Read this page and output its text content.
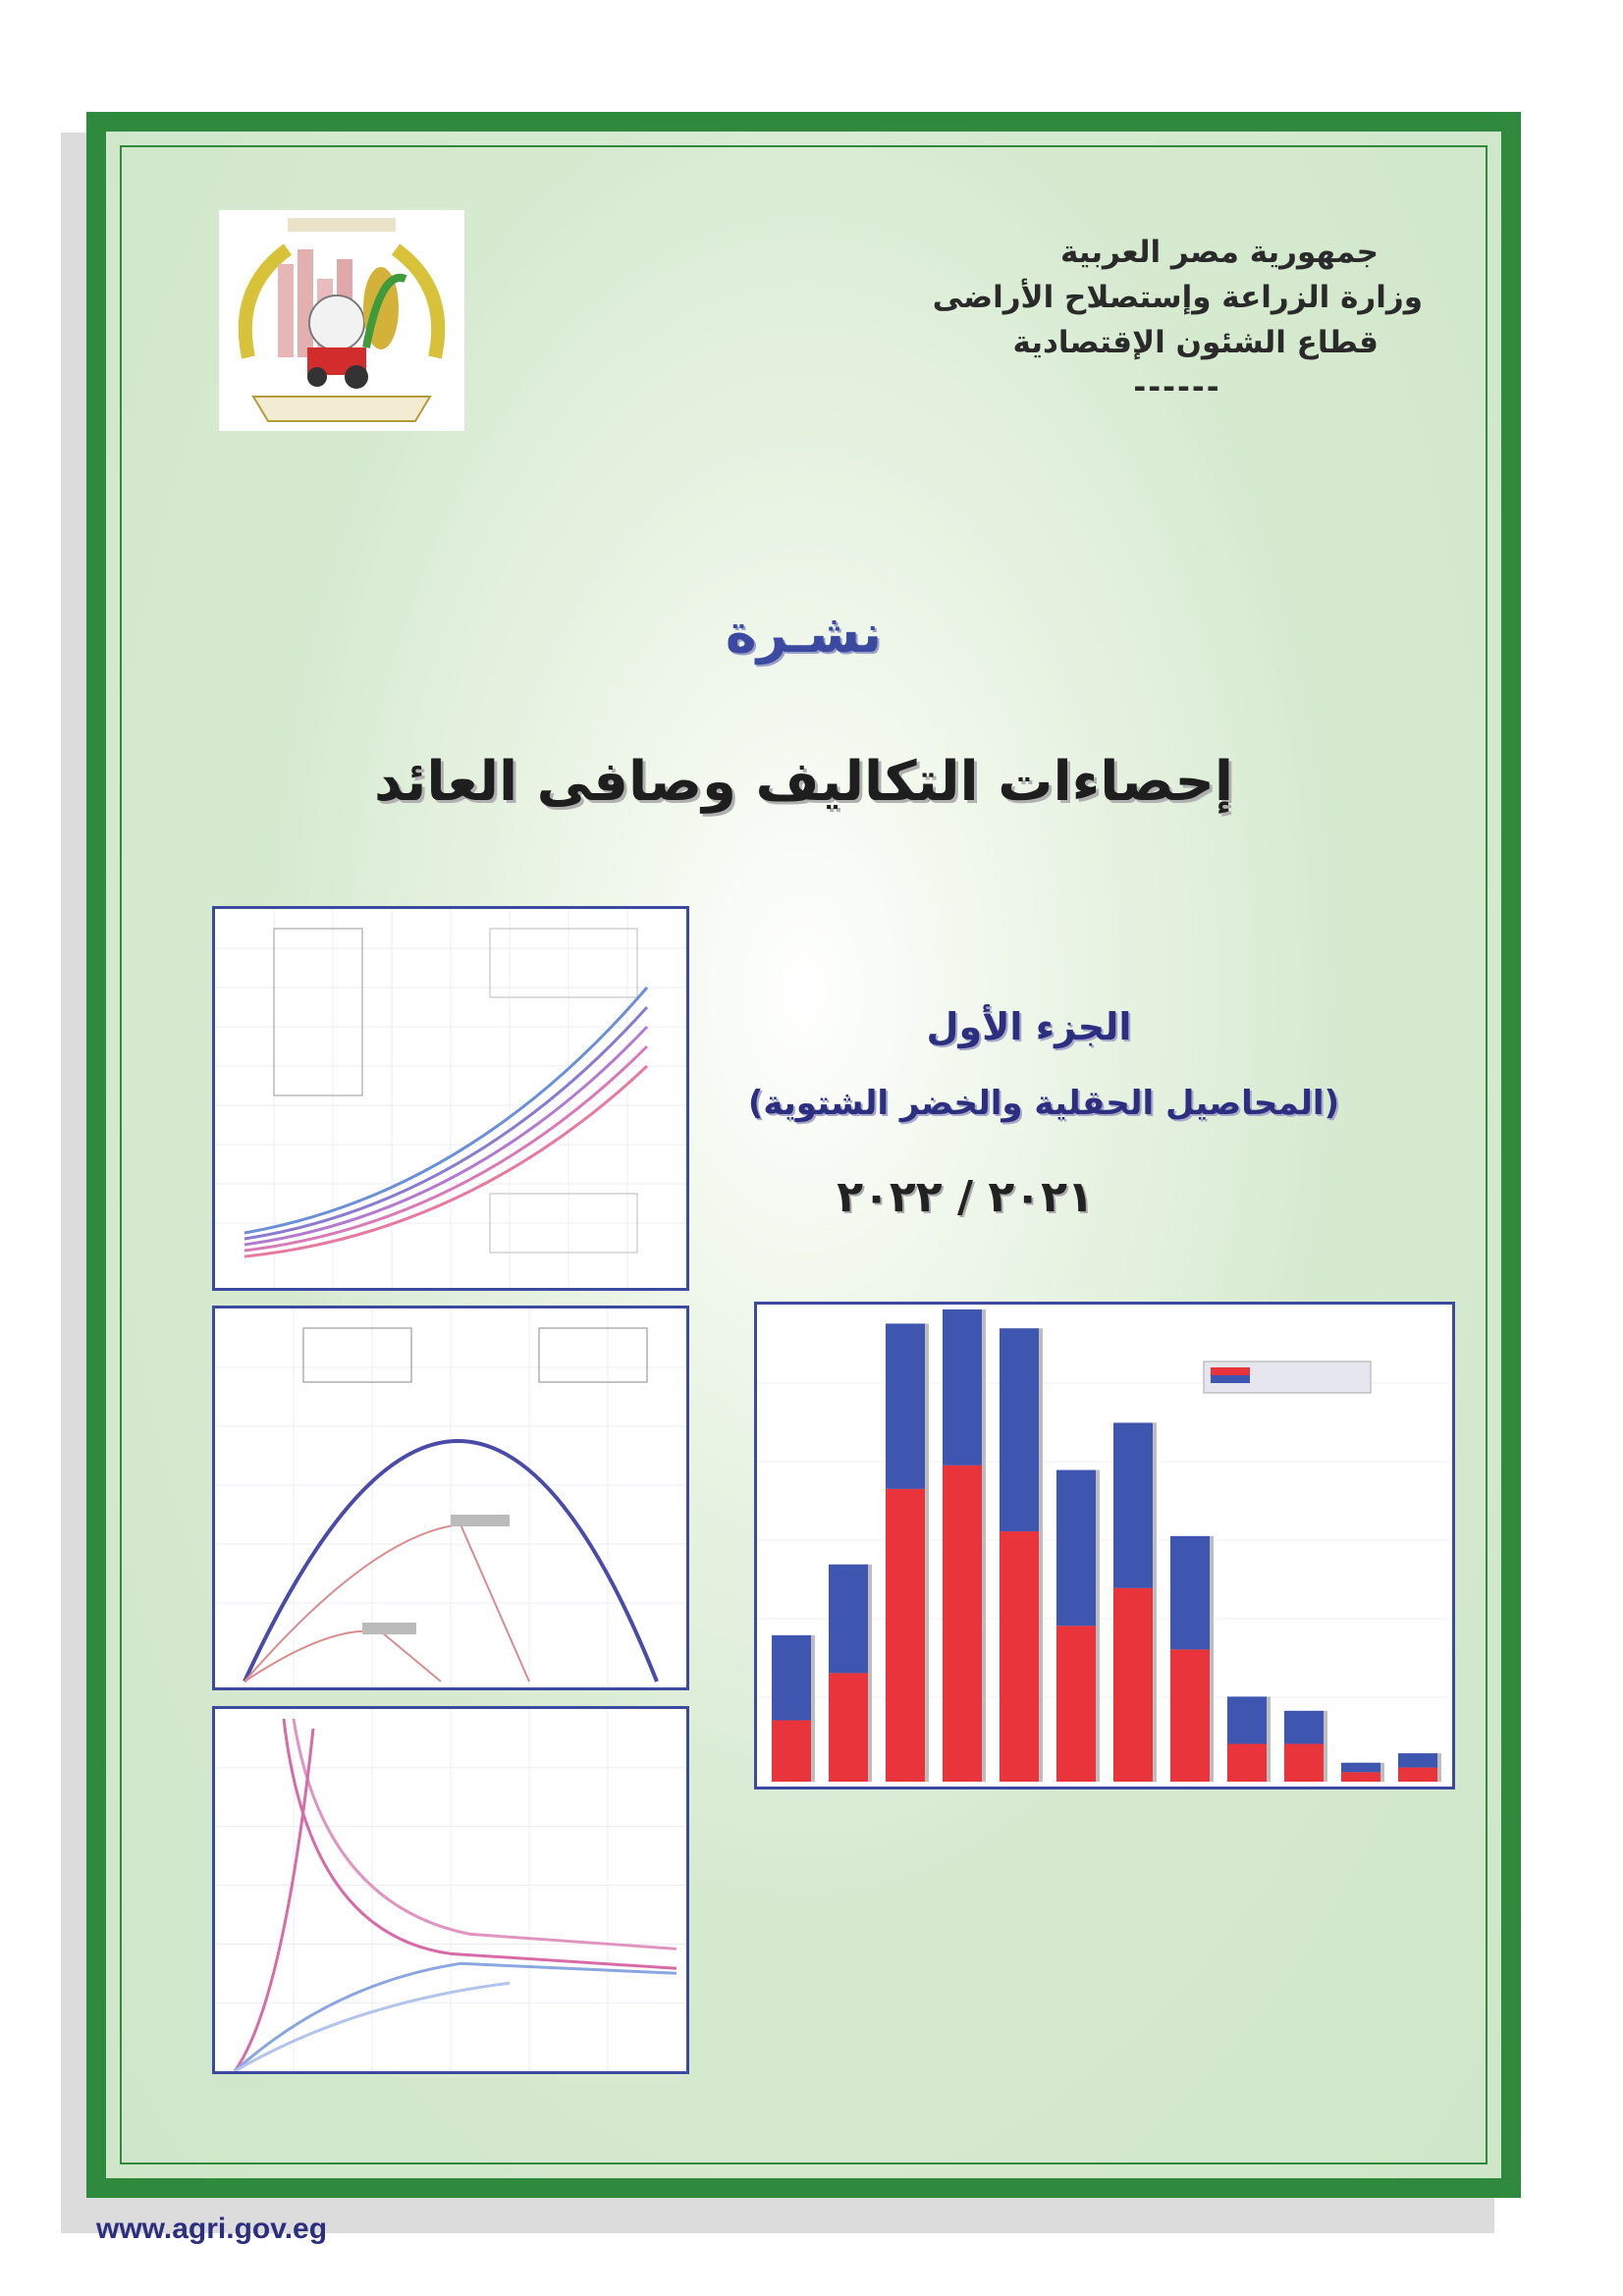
جمهورية مصر العربية
وزارة الزراعة وإستصلاح الأراضى
قطاع الشئون الإقتصادية
------
نشـرة
إحصاءات التكاليف وصافى العائد
الجزء الأول
(المحاصيل الحقلية والخضر الشتوية)
٢٠٢١ / ٢٠٢٢
www.agri.gov.eg
